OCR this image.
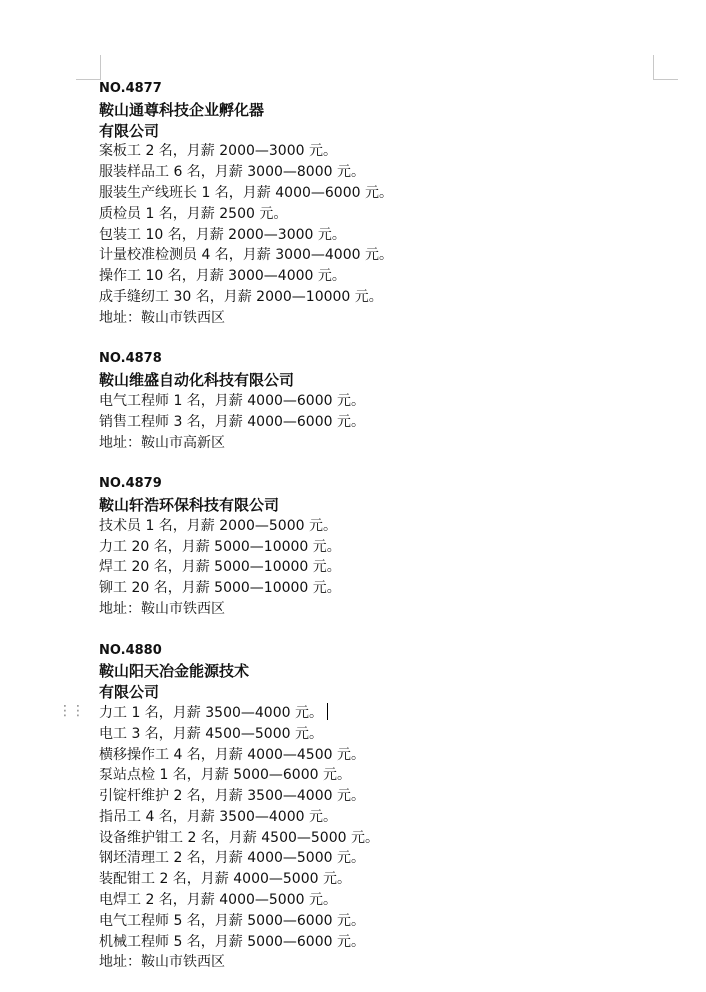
⋮⋮
NO.4877
鞍山通尊科技企业孵化器
有限公司
案板工 2 名，月薪 2000—3000 元。
服装样品工 6 名，月薪 3000—8000 元。
服装生产线班长 1 名，月薪 4000—6000 元。
质检员 1 名，月薪 2500 元。
包装工 10 名，月薪 2000—3000 元。
计量校准检测员 4 名，月薪 3000—4000 元。
操作工 10 名，月薪 3000—4000 元。
成手缝纫工 30 名，月薪 2000—10000 元。
地址：鞍山市铁西区
NO.4878
鞍山维盛自动化科技有限公司
电气工程师 1 名，月薪 4000—6000 元。
销售工程师 3 名，月薪 4000—6000 元。
地址：鞍山市高新区
NO.4879
鞍山轩浩环保科技有限公司
技术员 1 名，月薪 2000—5000 元。
力工 20 名，月薪 5000—10000 元。
焊工 20 名，月薪 5000—10000 元。
铆工 20 名，月薪 5000—10000 元。
地址：鞍山市铁西区
NO.4880
鞍山阳天冶金能源技术
有限公司
力工 1 名，月薪 3500—4000 元。
电工 3 名，月薪 4500—5000 元。
横移操作工 4 名，月薪 4000—4500 元。
泵站点检 1 名，月薪 5000—6000 元。
引锭杆维护 2 名，月薪 3500—4000 元。
指吊工 4 名，月薪 3500—4000 元。
设备维护钳工 2 名，月薪 4500—5000 元。
钢坯清理工 2 名，月薪 4000—5000 元。
装配钳工 2 名，月薪 4000—5000 元。
电焊工 2 名，月薪 4000—5000 元。
电气工程师 5 名，月薪 5000—6000 元。
机械工程师 5 名，月薪 5000—6000 元。
地址：鞍山市铁西区
